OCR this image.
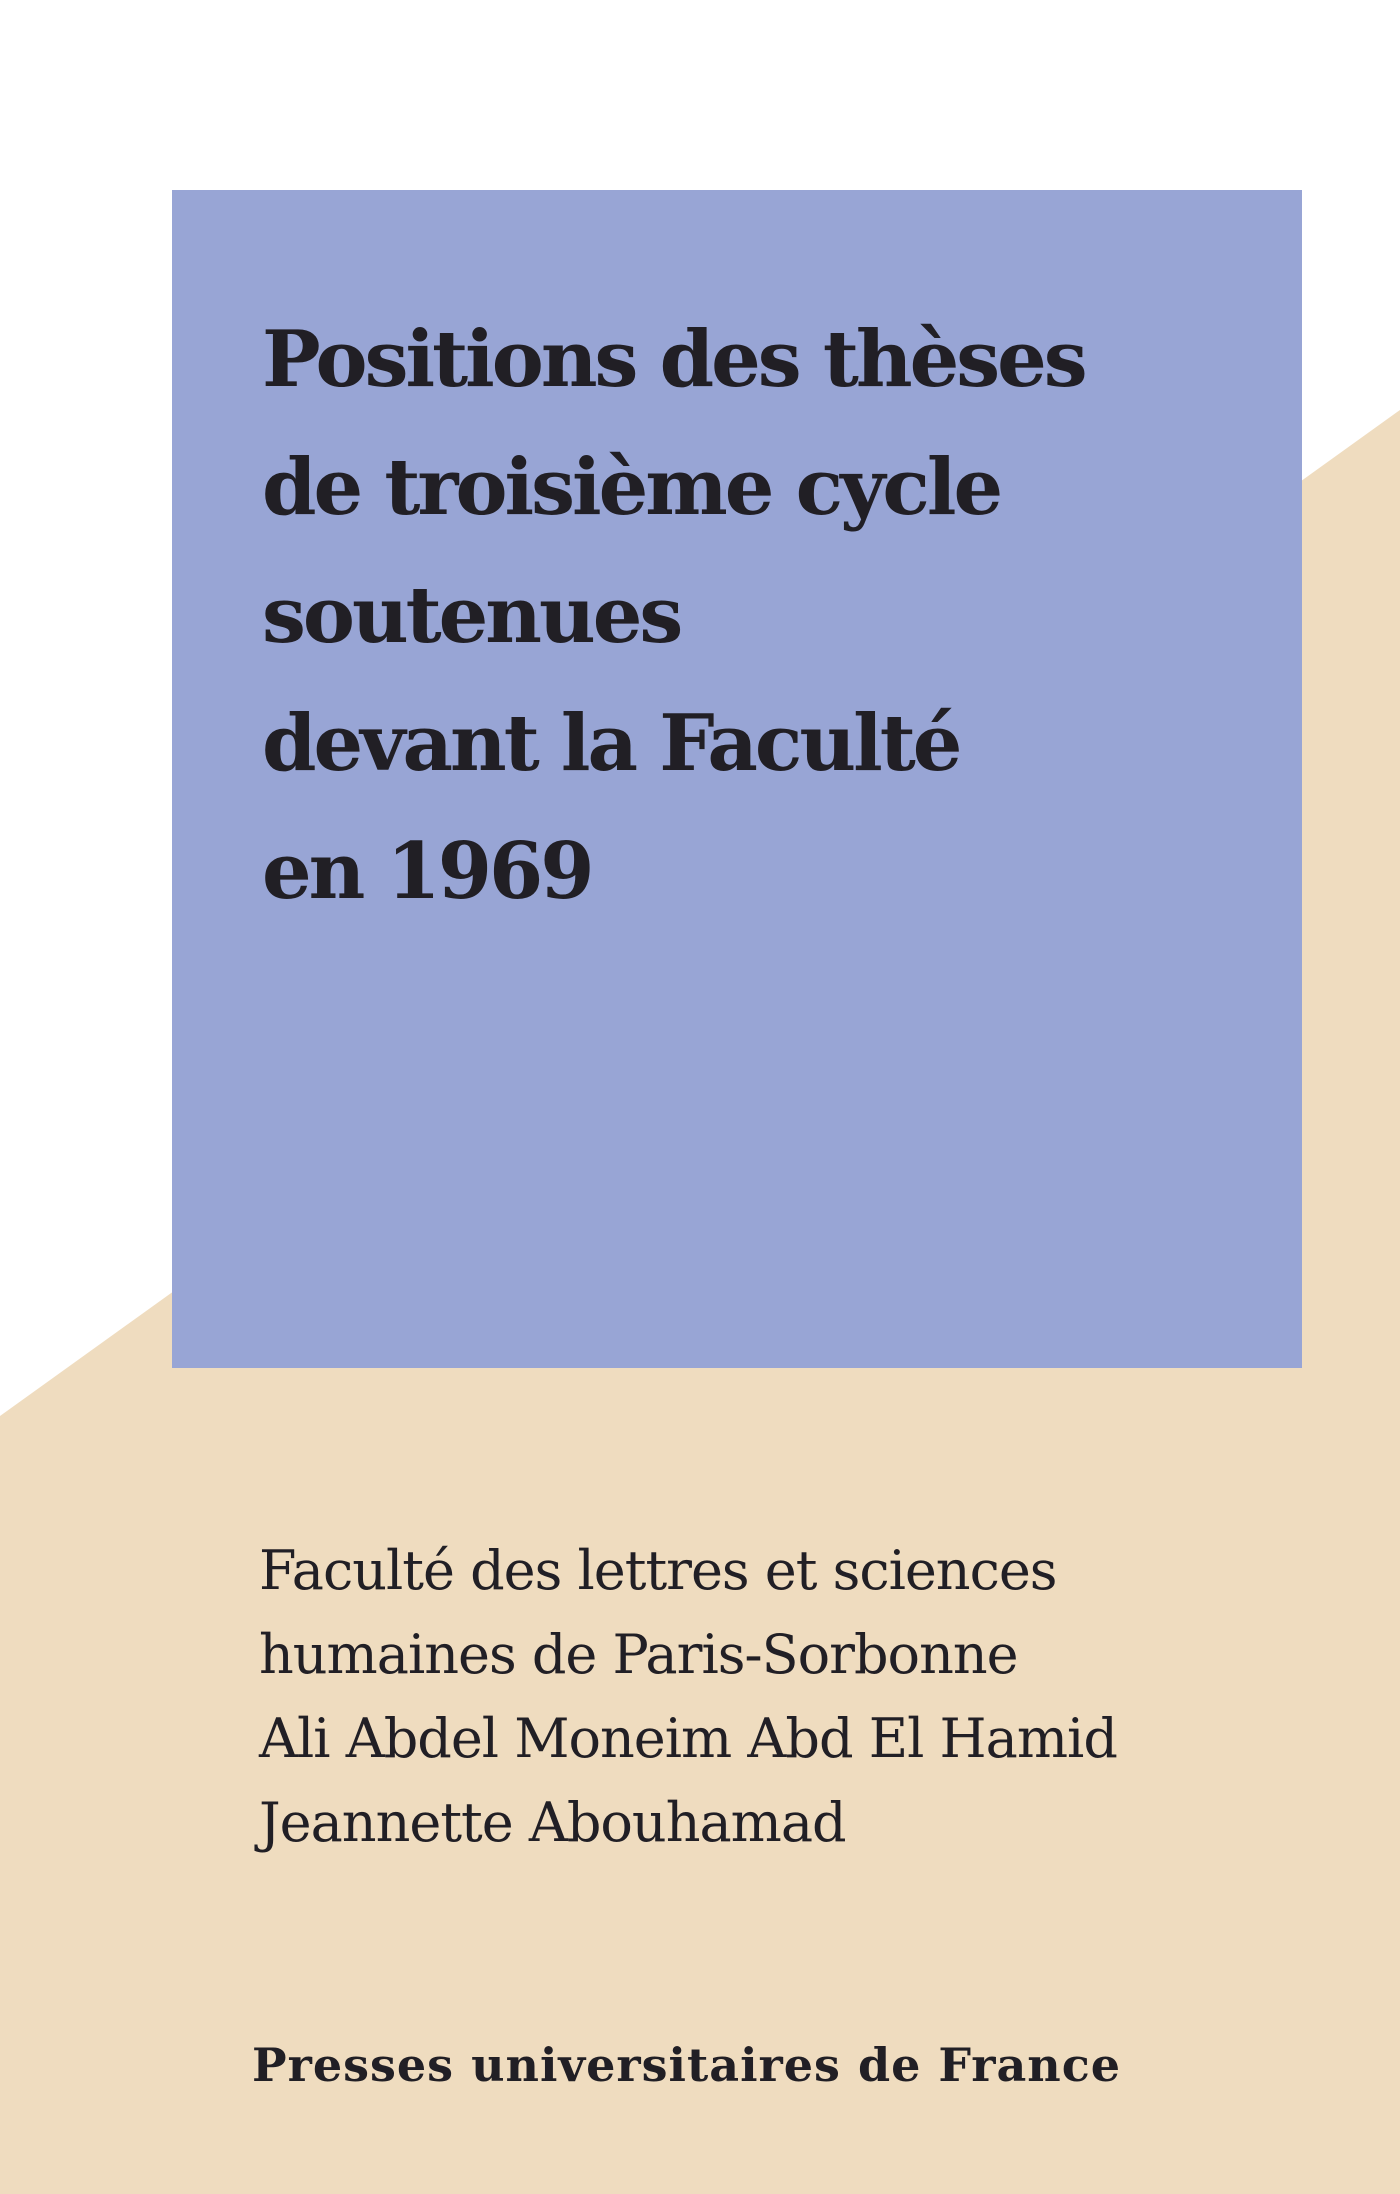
Positions des thèses
de troisième cycle
soutenues
devant la Faculté
en 1969
Faculté des lettres et sciences
humaines de Paris-Sorbonne
Ali Abdel Moneim Abd El Hamid
Jeannette Abouhamad
Presses universitaires de France
